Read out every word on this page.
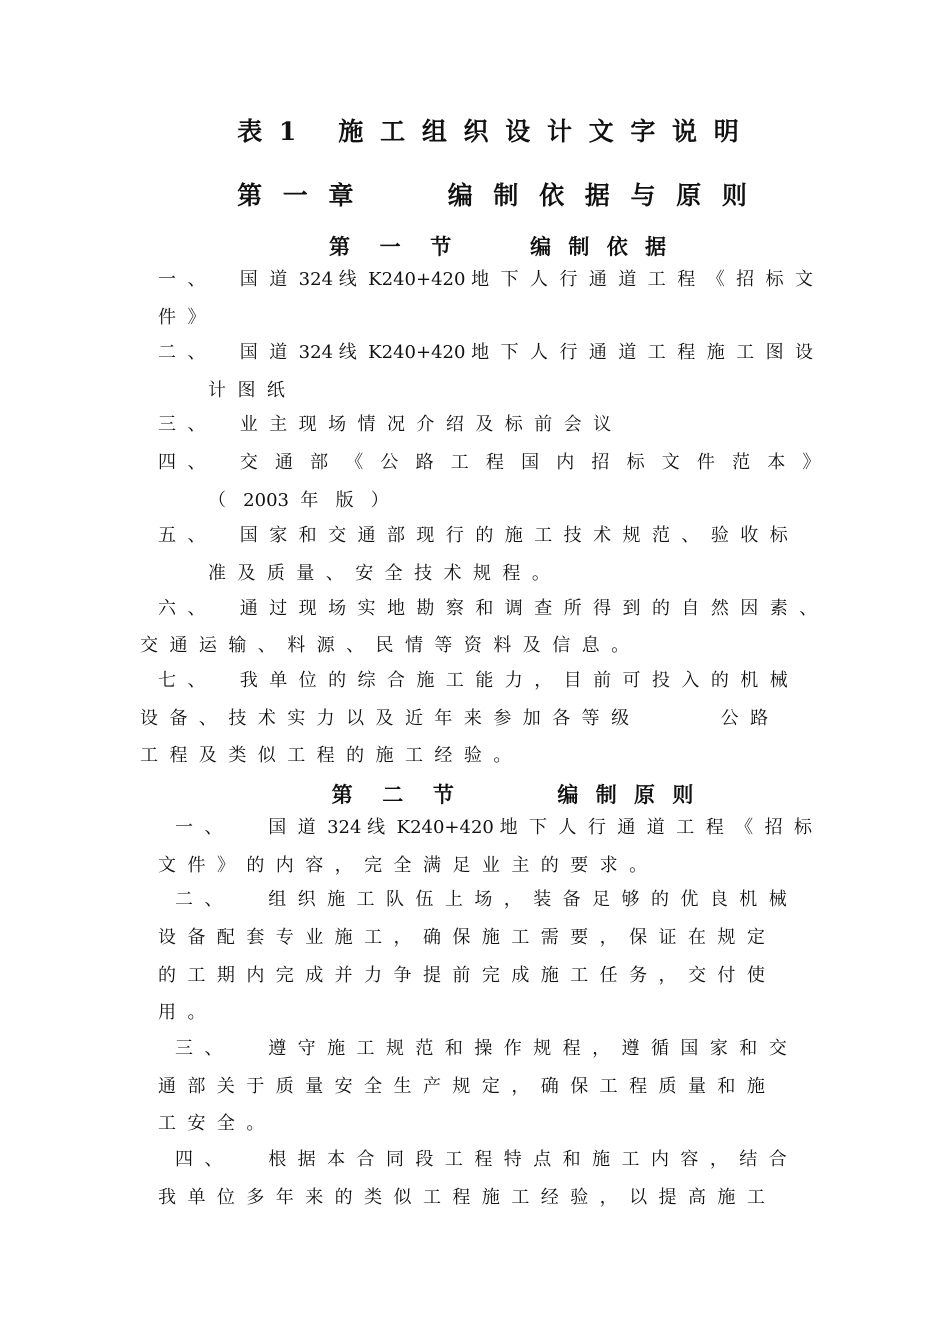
表 1   施 工 组 织 设 计 文 字 说 明
第 一 章      编 制 依 据 与 原 则
第  一  节      编 制 依 据
一  、      国  道  324 线  K240+420 地  下  人  行  通  道  工  程  《  招  标  文
件  》
二  、      国  道  324 线  K240+420 地  下  人  行  通  道  工  程  施  工  图  设
计  图  纸
三  、      业  主  现  场  情  况  介  绍  及  标  前  会  议
四  、      交   通   部   《   公   路   工   程   国   内   招   标   文   件   范   本   》
（   2003  年   版   ）
五  、      国  家  和  交  通  部  现  行  的  施  工  技  术  规  范  、  验  收  标
准  及  质  量  、  安  全  技  术  规  程  。
六  、      通  过  现  场  实  地  勘  察  和  调  查  所  得  到  的  自  然  因  素  、
交  通  运  输  、  料  源  、  民  情  等  资  料  及  信  息  。
七  、      我  单  位  的  综  合  施  工  能  力  ，  目  前  可  投  入  的  机  械
设  备  、  技  术  实  力  以  及  近  年  来  参  加  各  等  级                公  路
工  程  及  类  似  工  程  的  施  工  经  验  。
第  二  节        编 制 原 则
一  、        国  道  324 线  K240+420 地  下  人  行  通  道  工  程  《  招  标
文  件  》  的  内  容  ，  完  全  满  足  业  主  的  要  求  。
二  、        组  织  施  工  队  伍  上  场  ，  装  备  足  够  的  优  良  机  械
设  备  配  套  专  业  施  工  ，  确  保  施  工  需  要  ，  保  证  在  规  定
的  工  期  内  完  成  并  力  争  提  前  完  成  施  工  任  务  ，  交  付  使
用  。
三  、        遵  守  施  工  规  范  和  操  作  规  程  ，  遵  循  国  家  和  交
通  部  关  于  质  量  安  全  生  产  规  定  ，  确  保  工  程  质  量  和  施
工  安  全  。
四  、        根  据  本  合  同  段  工  程  特  点  和  施  工  内  容  ，  结  合
我  单  位  多  年  来  的  类  似  工  程  施  工  经  验  ，  以  提  高  施  工
